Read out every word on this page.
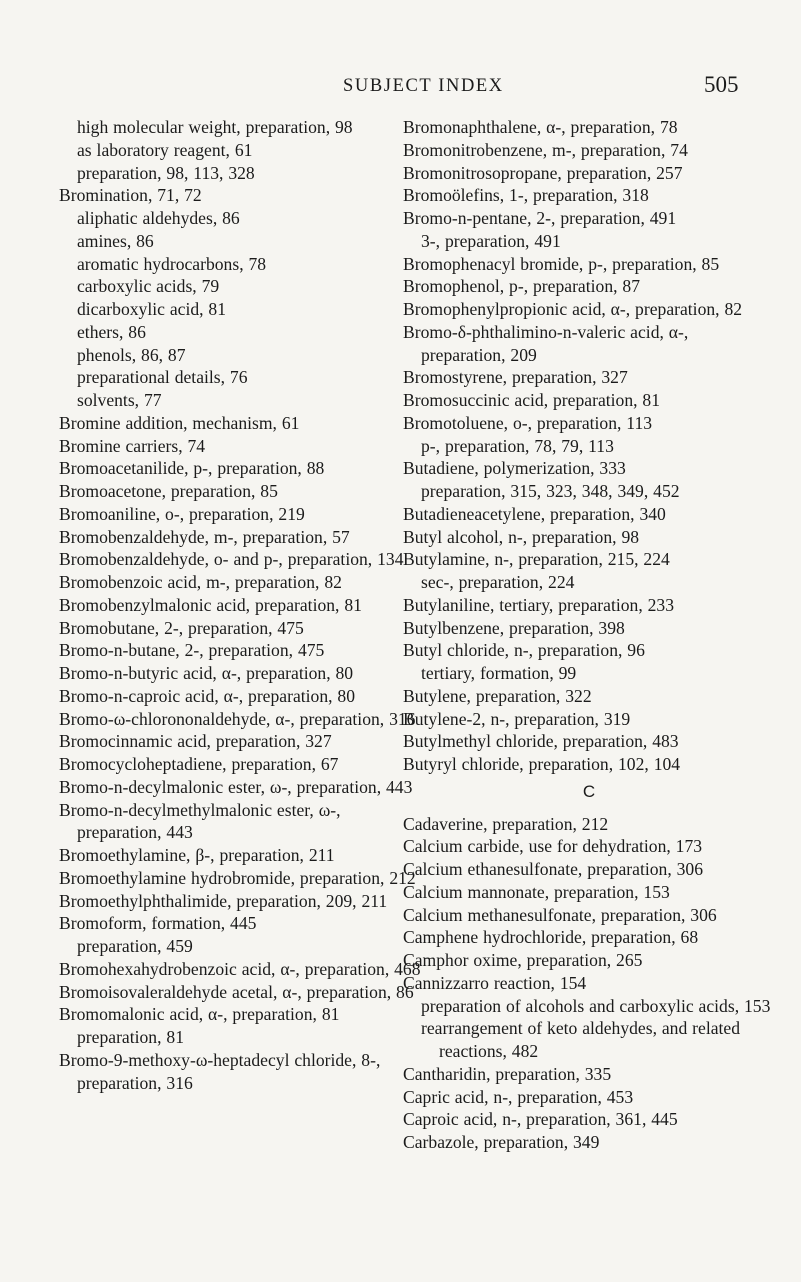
SUBJECT INDEX	505
high molecular weight, preparation, 98
as laboratory reagent, 61
preparation, 98, 113, 328
Bromination, 71, 72
aliphatic aldehydes, 86
amines, 86
aromatic hydrocarbons, 78
carboxylic acids, 79
dicarboxylic acid, 81
ethers, 86
phenols, 86, 87
preparational details, 76
solvents, 77
Bromine addition, mechanism, 61
Bromine carriers, 74
Bromoacetanilide, p-, preparation, 88
Bromoacetone, preparation, 85
Bromoaniline, o-, preparation, 219
Bromobenzaldehyde, m-, preparation, 57
Bromobenzaldehyde, o- and p-, preparation, 134
Bromobenzoic acid, m-, preparation, 82
Bromobenzylmalonic acid, preparation, 81
Bromobutane, 2-, preparation, 475
Bromo-n-butane, 2-, preparation, 475
Bromo-n-butyric acid, α-, preparation, 80
Bromo-n-caproic acid, α-, preparation, 80
Bromo-ω-chlorononaldehyde, α-, preparation, 316
Bromocinnamic acid, preparation, 327
Bromocycloheptadiene, preparation, 67
Bromo-n-decylmalonic ester, ω-, preparation, 443
Bromo-n-decylmethylmalonic ester, ω-, preparation, 443
Bromoethylamine, β-, preparation, 211
Bromoethylamine hydrobromide, preparation, 212
Bromoethylphthalimide, preparation, 209, 211
Bromoform, formation, 445
preparation, 459
Bromohexahydrobenzoic acid, α-, preparation, 468
Bromoisovaleraldehyde acetal, α-, preparation, 86
Bromomalonic acid, α-, preparation, 81
preparation, 81
Bromo-9-methoxy-ω-heptadecyl chloride, 8-, preparation, 316
Bromonaphthalene, α-, preparation, 78
Bromonitrobenzene, m-, preparation, 74
Bromonitrosopropane, preparation, 257
Bromoölefins, 1-, preparation, 318
Bromo-n-pentane, 2-, preparation, 491
3-, preparation, 491
Bromophenacyl bromide, p-, preparation, 85
Bromophenol, p-, preparation, 87
Bromophenylpropionic acid, α-, preparation, 82
Bromo-δ-phthalimino-n-valeric acid, α-, preparation, 209
Bromostyrene, preparation, 327
Bromosuccinic acid, preparation, 81
Bromotoluene, o-, preparation, 113
p-, preparation, 78, 79, 113
Butadiene, polymerization, 333
preparation, 315, 323, 348, 349, 452
Butadieneacetylene, preparation, 340
Butyl alcohol, n-, preparation, 98
Butylamine, n-, preparation, 215, 224
sec-, preparation, 224
Butylaniline, tertiary, preparation, 233
Butylbenzene, preparation, 398
Butyl chloride, n-, preparation, 96
tertiary, formation, 99
Butylene, preparation, 322
Butylene-2, n-, preparation, 319
Butylmethyl chloride, preparation, 483
Butyryl chloride, preparation, 102, 104
C
Cadaverine, preparation, 212
Calcium carbide, use for dehydration, 173
Calcium ethanesulfonate, preparation, 306
Calcium mannonate, preparation, 153
Calcium methanesulfonate, preparation, 306
Camphene hydrochloride, preparation, 68
Camphor oxime, preparation, 265
Cannizzarro reaction, 154
preparation of alcohols and carboxylic acids, 153
rearrangement of keto aldehydes, and related reactions, 482
Cantharidin, preparation, 335
Capric acid, n-, preparation, 453
Caproic acid, n-, preparation, 361, 445
Carbazole, preparation, 349
